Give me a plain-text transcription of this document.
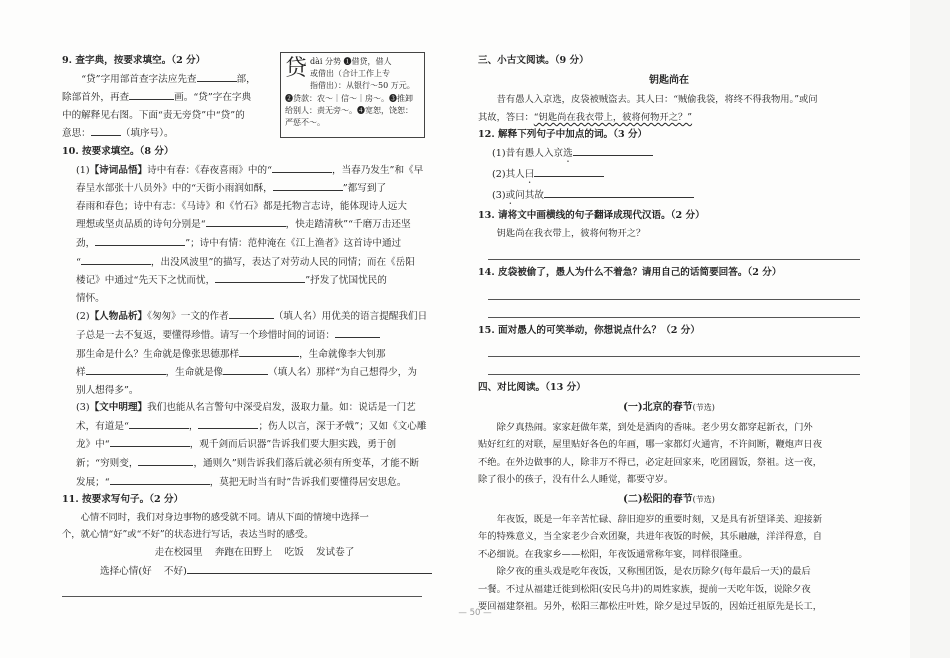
9. 查字典，按要求填空。（2 分）
“贷”字用部首查字法应先查	部，
除部首外，再查	画。“贷”字在字典
中的解释见右图。下面“责无旁贷”中“贷”的
意思：	（填序号）。
10. 按要求填空。（8 分）
(1)【诗词品悟】诗中有春：《春夜喜雨》中的“	，当春乃发生”和《早
春呈水部张十八员外》中的“天街小雨润如酥，	”都写到了
春雨和春色；诗中有志：《马诗》和《竹石》都是托物言志诗，能体现诗人远大
理想或坚贞品质的诗句分别是“	，快走踏清秋”“千磨万击还坚
劲，	”；诗中有情：范仲淹在《江上渔者》这首诗中通过
“	，出没风波里”的描写，表达了对劳动人民的同情；而在《岳阳
楼记》中通过“先天下之忧而忧，	”抒发了忧国忧民的
情怀。
(2)【人物品析】《匆匆》一文的作者	（填人名）用优美的语言提醒我们日
子总是一去不复返，要懂得珍惜。请写一个珍惜时间的词语：
那生命是什么？生命就是像张思德那样	，生命就像李大钊那
样	，生命就是像	（填人名）那样“为自己想得少，为
别人想得多”。
(3)【文中明理】我们也能从名言警句中深受启发，汲取力量。如：说话是一门艺
术，有道是“	，	；伤人以言，深于矛戟”；又如《文心雕
龙》中“	，观千剑而后识器”告诉我们要大胆实践，勇于创
新；“穷则变，	，通则久”则告诉我们落后就必须有所变革，才能不断
发展；“	，莫把无时当有时”告诉我们要懂得居安思危。
11. 按要求写句子。（2 分）
心情不同时，我们对身边事物的感受就不同。请从下面的情境中选择一
个，就心情“好”或“不好”的状态进行写话，表达当时的感受。
走在校园里 奔跑在田野上 吃饭 发试卷了
选择心情(好 不好)
贷 dài 分势 ❶借贷，借人
或借出（合计工作上专
指借出）：从银行～50 万元。
❷贷款：农～｜信～｜房～。❸推卸
给别人：责无旁～。❹宽恕，饶恕：
严惩不～。
三、小古文阅读。（9 分）
钥匙尚在
昔有愚人入京选，皮袋被贼盗去。其人曰：“贼偷我袋，将终不得我物用。”或问
其故，答曰：“钥匙尚在我衣带上，彼将何物开之？”
12. 解释下列句子中加点的词。（3 分）
(1)昔有愚人入京选
(2)其人曰
(3)或问其故
13. 请将文中画横线的句子翻译成现代汉语。（2 分）
钥匙尚在我衣带上，彼将何物开之？
14. 皮袋被偷了，愚人为什么不着急？请用自己的话简要回答。（2 分）
15. 面对愚人的可笑举动，你想说点什么？（2 分）
四、对比阅读。（13 分）
(一)北京的春节(节选)
除夕真热闹。家家赶做年菜，到处是酒肉的香味。老少男女都穿起新衣，门外
贴好红红的对联，屋里贴好各色的年画，哪一家都灯火通宵，不许间断，鞭炮声日夜
不绝。在外边做事的人，除非万不得已，必定赶回家来，吃团圆饭，祭祖。这一夜，
除了很小的孩子，没有什么人睡觉，都要守岁。
(二)松阳的春节(节选)
年夜饭，既是一年辛苦忙碌、辞旧迎岁的重要时刻，又是具有祈望译美、迎接新
年的特殊意义，当全家老少合欢团聚，共进年夜饭的时候，其乐融融，洋洋得意，自
不必细说。在我家乡——松阳，年夜饭通常称年宴，同样很隆重。
除夕夜的重头戏是吃年夜饭，又称围团饭，是农历除夕(每年最后一天)的最后
一餐。不过从福建迁徙到松阳(安民乌井)的周姓家族，提前一天吃年饭，说除夕夜
要回福建祭祖。另外，松阳三都松庄叶姓，除夕是过早饭的，因始迁祖原先是长工，
— 50 —
